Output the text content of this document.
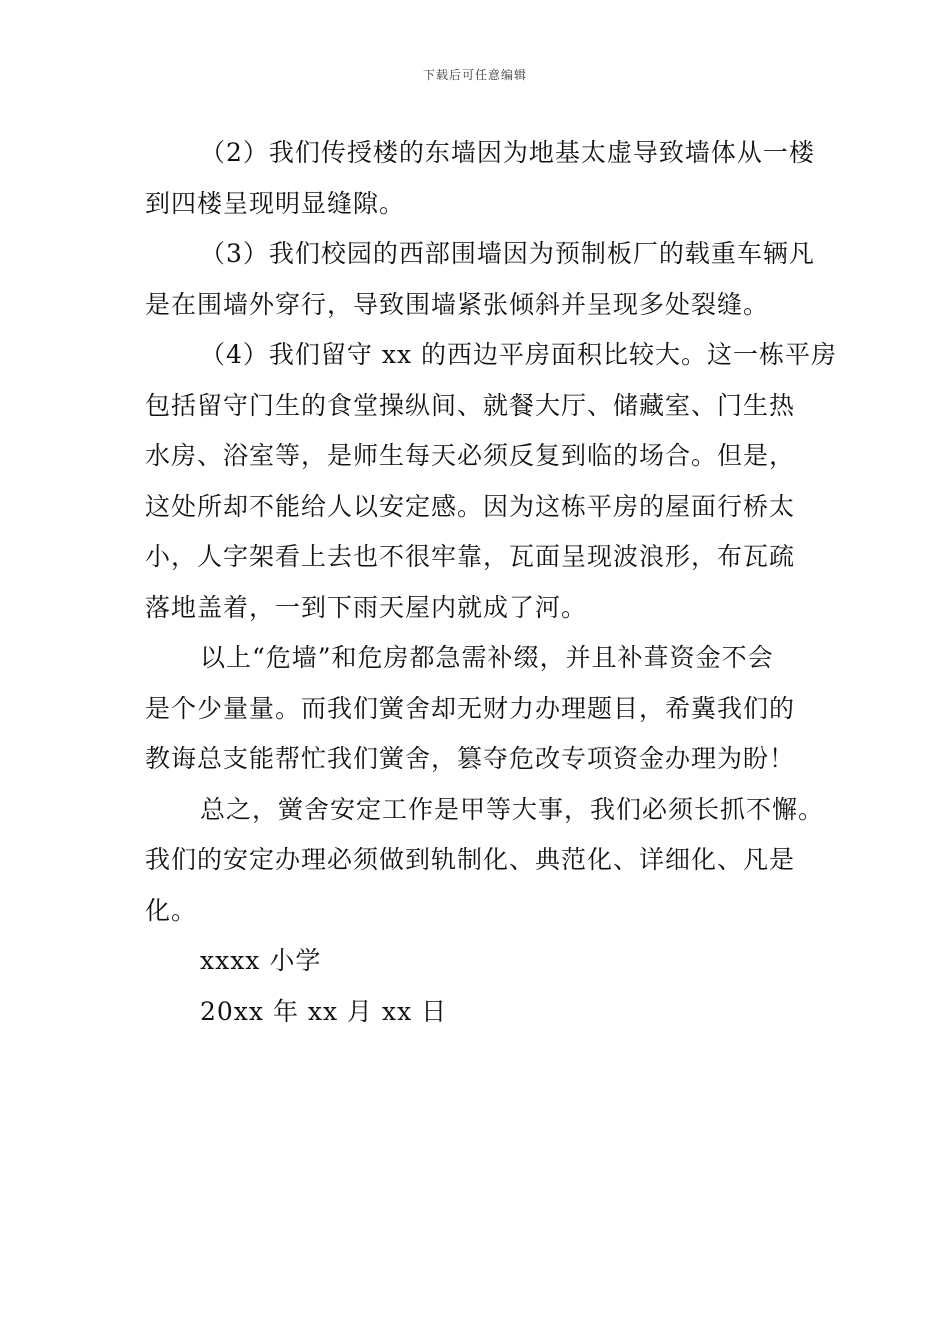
下载后可任意编辑
（2）我们传授楼的东墙因为地基太虚导致墙体从一楼
到四楼呈现明显缝隙。
（3）我们校园的西部围墙因为预制板厂的载重车辆凡
是在围墙外穿行，导致围墙紧张倾斜并呈现多处裂缝。
（4）我们留守 xx 的西边平房面积比较大。这一栋平房
包括留守门生的食堂操纵间、就餐大厅、储藏室、门生热
水房、浴室等，是师生每天必须反复到临的场合。但是，
这处所却不能给人以安定感。因为这栋平房的屋面行桥太
小，人字架看上去也不很牢靠，瓦面呈现波浪形，布瓦疏
落地盖着，一到下雨天屋内就成了河。
以上“危墙”和危房都急需补缀，并且补葺资金不会
是个少量量。而我们黉舍却无财力办理题目，希冀我们的
教诲总支能帮忙我们黉舍，篡夺危改专项资金办理为盼！
总之，黉舍安定工作是甲等大事，我们必须长抓不懈。
我们的安定办理必须做到轨制化、典范化、详细化、凡是
化。
xxxx 小学
20xx 年 xx 月 xx 日
